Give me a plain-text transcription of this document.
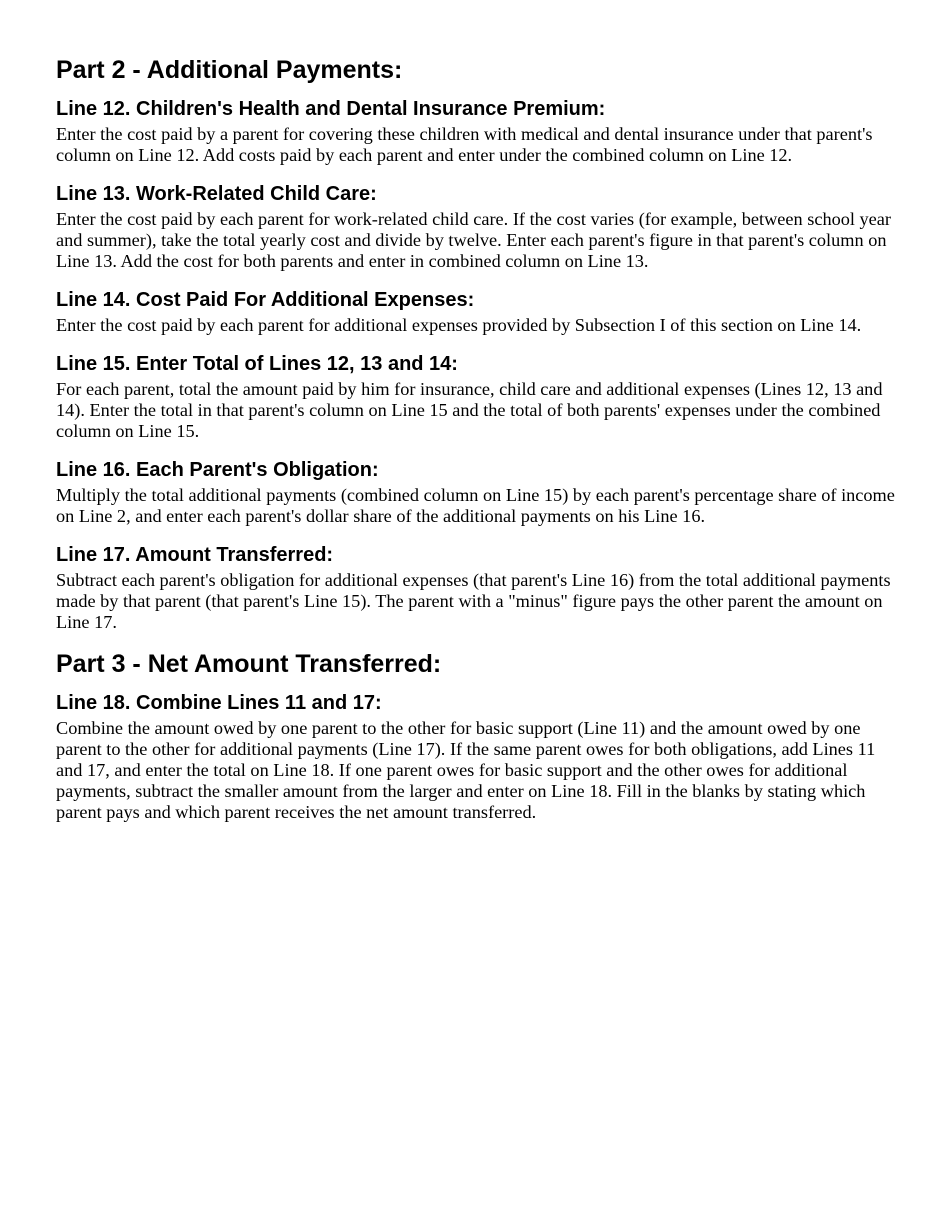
Part 2 - Additional Payments:
Line 12. Children's Health and Dental Insurance Premium:

Enter the cost paid by a parent for covering these children with medical and dental insurance under that parent's column on Line 12. Add costs paid by each parent and enter under the combined column on Line 12.

Line 13. Work-Related Child Care:

Enter the cost paid by each parent for work-related child care. If the cost varies (for example, between school year and summer), take the total yearly cost and divide by twelve. Enter each parent's figure in that parent's column on Line 13. Add the cost for both parents and enter in combined column on Line 13.

Line 14. Cost Paid For Additional Expenses:

Enter the cost paid by each parent for additional expenses provided by Subsection I of this section on Line 14.

Line 15. Enter Total of Lines 12, 13 and 14:

For each parent, total the amount paid by him for insurance, child care and additional expenses (Lines 12, 13 and 14). Enter the total in that parent's column on Line 15 and the total of both parents' expenses under the combined column on Line 15.

Line 16. Each Parent's Obligation:

Multiply the total additional payments (combined column on Line 15) by each parent's percentage share of income on Line 2, and enter each parent's dollar share of the additional payments on his Line 16.

Line 17. Amount Transferred:

Subtract each parent's obligation for additional expenses (that parent's Line 16) from the total additional payments made by that parent (that parent's Line 15). The parent with a "minus" figure pays the other parent the amount on Line 17.

Part 3 - Net Amount Transferred:
Line 18. Combine Lines 11 and 17:

Combine the amount owed by one parent to the other for basic support (Line 11) and the amount owed by one parent to the other for additional payments (Line 17). If the same parent owes for both obligations, add Lines 11 and 17, and enter the total on Line 18. If one parent owes for basic support and the other owes for additional payments, subtract the smaller amount from the larger and enter on Line 18. Fill in the blanks by stating which parent pays and which parent receives the net amount transferred.
